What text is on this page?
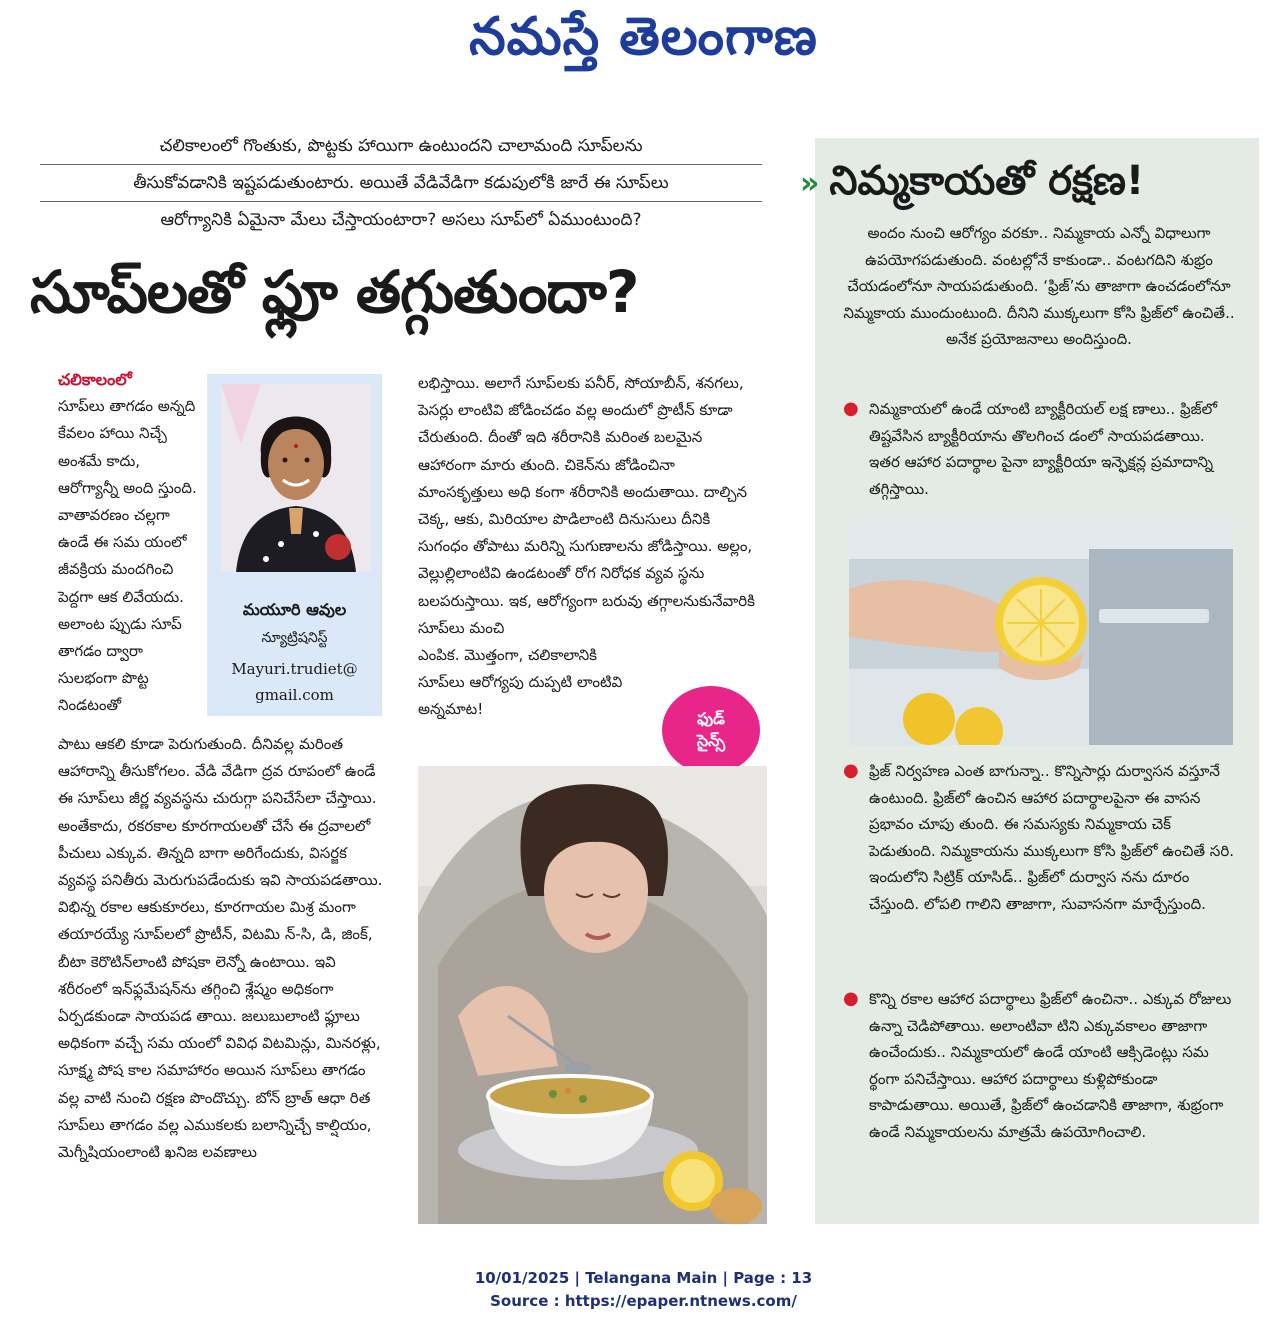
నమస్తే తెలంగాణ
చలికాలంలో గొంతుకు, పొట్టకు హాయిగా ఉంటుందని చాలామంది సూప్‌లను
తీసుకోవడానికి ఇష్టపడుతుంటారు. అయితే వేడివేడిగా కడుపులోకి జారే ఈ సూప్‌లు
ఆరోగ్యానికి ఏమైనా మేలు చేస్తాయంటారా? అసలు సూప్‌లో ఏముంటుంది?
సూప్‌లతో ఫ్లూ తగ్గుతుందా?
చలికాలంలో
సూప్‌లు తాగడం అన్నది కేవలం హాయి నిచ్చే అంశమే కాదు, ఆరోగ్యాన్నీ అంది స్తుంది. వాతావరణం చల్లగా ఉండే ఈ సమ యంలో జీవక్రియ మందగించి పెద్దగా ఆక లివేయదు. అలాంట ప్పుడు సూప్ తాగడం ద్వారా సులభంగా పొట్ట నిండటంతో
పాటు ఆకలి కూడా పెరుగుతుంది. దీనివల్ల మరింత ఆహారాన్ని తీసుకోగలం. వేడి వేడిగా ద్రవ రూపంలో ఉండే ఈ సూప్‌లు జీర్ణ వ్యవస్థను చురుగ్గా పనిచేసేలా చేస్తాయి. అంతేకాదు, రకరకాల కూరగాయలతో చేసే ఈ ద్రవాలలో పీచులు ఎక్కువ. తిన్నది బాగా అరిగేందుకు, విసర్జక వ్యవస్థ పనితీరు మెరుగుపడేందుకు ఇవి సాయపడతాయి. విభిన్న రకాల ఆకుకూరలు, కూరగాయల మిశ్ర మంగా తయారయ్యే సూప్‌లలో ప్రొటీన్, విటమి న్-సి, డి, జింక్, బీటా కెరొటిన్‌లాంటి పోషకా లెన్నో ఉంటాయి. ఇవి శరీరంలో ఇన్‌ఫ్లమేషన్‌ను తగ్గించి శ్లేష్మం అధికంగా ఏర్పడకుండా సాయపడ తాయి. జలుబులాంటి ఫ్లూలు అధికంగా వచ్చే సమ యంలో వివిధ విటమిన్లు, మినరళ్లు, సూక్ష్మ పోష కాల సమాహారం అయిన సూప్‌లు తాగడం వల్ల వాటి నుంచి రక్షణ పొందొచ్చు. బోన్ బ్రాత్ ఆధా రిత సూప్‌లు తాగడం వల్ల ఎముకలకు బలాన్నిచ్చే కాల్షియం, మెగ్నీషియంలాంటి ఖనిజ లవణాలు
మయూరి ఆవుల
న్యూట్రిషనిస్ట్
Mayuri.trudiet@
gmail.com

లభిస్తాయి. అలాగే సూప్‌లకు పనీర్, సోయాబీన్, శనగలు, పెసర్లు లాంటివి జోడించడం వల్ల అందులో ప్రొటీన్ కూడా చేరుతుంది. దీంతో ఇది శరీరానికి మరింత బలమైన ఆహారంగా మారు తుంది. చికెన్‌ను జోడించినా మాంసకృత్తులు అధి కంగా శరీరానికి అందుతాయి. దాల్చిన చెక్క, ఆకు, మిరియాల పొడిలాంటి దినుసులు దీనికి సుగంధం తోపాటు మరిన్ని సుగుణాలను జోడిస్తాయి. అల్లం, వెల్లుల్లిలాంటివి ఉండటంతో రోగ నిరోధక వ్యవ స్థను బలపరుస్తాయి. ఇక, ఆరోగ్యంగా బరువు తగ్గాలనుకునేవారికి సూప్‌లు మంచి

ఎంపిక. మొత్తంగా, చలికాలానికి సూప్‌లు ఆరోగ్యపు దుప్పటి లాంటివి అన్నమాట!	ఫుడ్
సైన్స్
» నిమ్మకాయతో రక్షణ!
అందం నుంచి ఆరోగ్యం వరకూ.. నిమ్మకాయ ఎన్నో విధాలుగా ఉపయోగపడుతుంది. వంటల్లోనే కాకుండా.. వంటగదిని శుభ్రం చేయడంలోనూ సాయపడుతుంది. ‘ఫ్రిజ్’ను తాజాగా ఉంచడంలోనూ నిమ్మకాయ ముందుంటుంది. దీనిని ముక్కలుగా కోసి ఫ్రిజ్‌లో ఉంచితే.. అనేక ప్రయోజనాలు అందిస్తుంది.
●
నిమ్మకాయలో ఉండే యాంటి బ్యాక్టీరియల్ లక్ష ణాలు.. ఫ్రిజ్‌లో తిష్టవేసిన బ్యాక్టీరియాను తొలగించ డంలో సాయపడతాయి. ఇతర ఆహార పదార్థాల పైనా బ్యాక్టీరియా ఇన్ఫెక్షన్ల ప్రమాదాన్ని తగ్గిస్తాయి.
●
ఫ్రిజ్ నిర్వహణ ఎంత బాగున్నా.. కొన్నిసార్లు దుర్వాసన వస్తూనే ఉంటుంది. ఫ్రిజ్‌లో ఉంచిన ఆహార పదార్థాలపైనా ఈ వాసన ప్రభావం చూపు తుంది. ఈ సమస్యకు నిమ్మకాయ చెక్ పెడుతుంది. నిమ్మకాయను ముక్కలుగా కోసి ఫ్రిజ్‌లో ఉంచితే సరి. ఇందులోని సిట్రిక్ యాసిడ్.. ఫ్రిజ్‌లో దుర్వాస నను దూరం చేస్తుంది. లోపలి గాలిని తాజాగా, సువాసనగా మార్చేస్తుంది.
●
కొన్ని రకాల ఆహార పదార్థాలు ఫ్రిజ్‌లో ఉంచినా.. ఎక్కువ రోజులు ఉన్నా చెడిపోతాయి. అలాంటివా టిని ఎక్కువకాలం తాజాగా ఉంచేందుకు.. నిమ్మకాయలో ఉండే యాంటి ఆక్సిడెంట్లు సమ ర్థంగా పనిచేస్తాయి. ఆహార పదార్థాలు కుళ్లిపోకుండా కాపాడుతాయి. అయితే, ఫ్రిజ్‌లో ఉంచడానికి తాజాగా, శుభ్రంగా ఉండే నిమ్మకాయలను మాత్రమే ఉపయోగించాలి.
10/01/2025 | Telangana Main | Page : 13
Source : https://epaper.ntnews.com/
